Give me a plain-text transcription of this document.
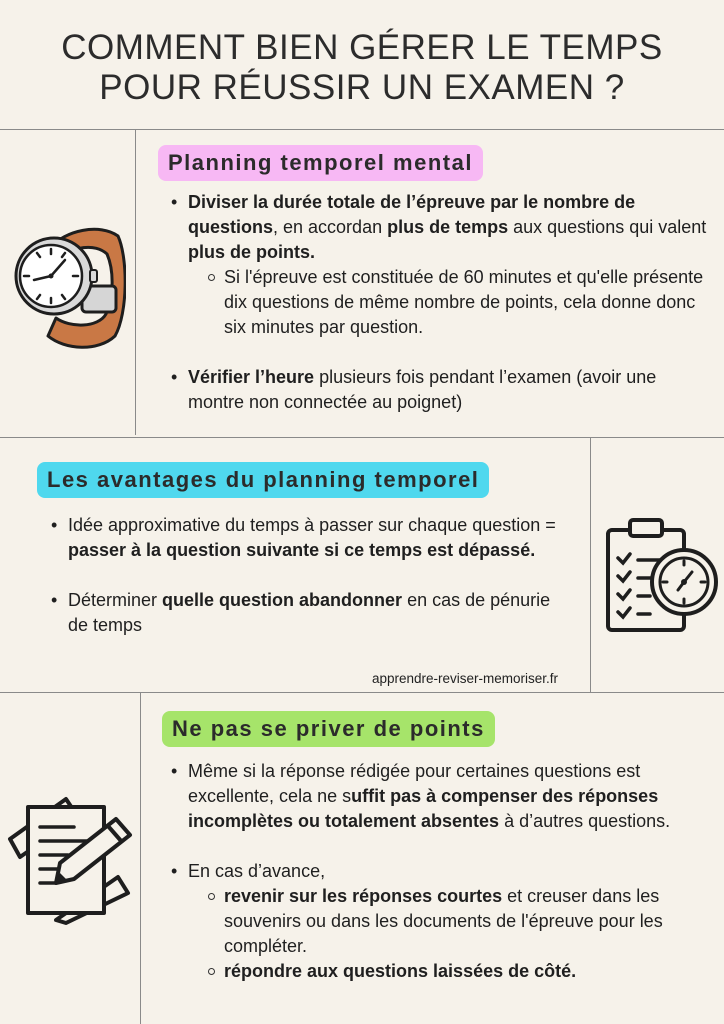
COMMENT BIEN GÉRER LE TEMPS
POUR RÉUSSIR UN EXAMEN ?
Planning temporel mental
• Diviser la durée totale de l’épreuve par le nombre de questions, en accordan plus de temps aux questions qui valent plus de points.
Si l'épreuve est constituée de 60 minutes et qu'elle présente dix questions de même nombre de points, cela donne donc six minutes par question.
• Vérifier l’heure plusieurs fois pendant l’examen (avoir une montre non connectée au poignet)
Les avantages du planning temporel
• Idée approximative du temps à passer sur chaque question = passer à la question suivante si ce temps est dépassé.
• Déterminer quelle question abandonner en cas de pénurie de temps
apprendre-reviser-memoriser.fr
Ne pas se priver de points
• Même si la réponse rédigée pour certaines questions est excellente, cela ne suffit pas à compenser des réponses incomplètes ou totalement absentes à d’autres questions.
• En cas d’avance,
revenir sur les réponses courtes et creuser dans les souvenirs ou dans les documents de l'épreuve pour les compléter.
répondre aux questions laissées de côté.
